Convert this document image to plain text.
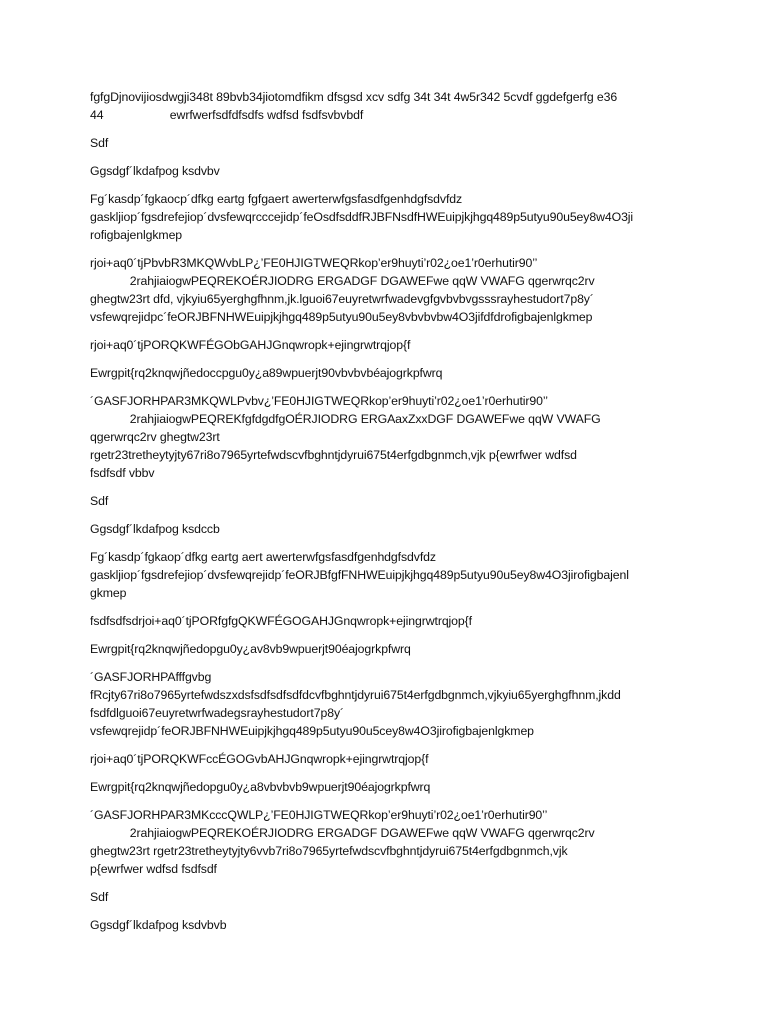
fgfgDjnovijiosdwgji348t 89bvb34jiotomdfikm dfsgsd xcv sdfg 34t 34t 4w5r342 5cvdf ggdefgerfg e36
44                    ewrfwerfsdfdfsdfs wdfsd fsdfsvbvbdf
Sdf
Ggsdgf´lkdafpog ksdvbv
Fg´kasdp´fgkaocp´dfkg eartg fgfgaert awerterwfgsfasdfgenhdgfsdvfdz
gaskljiop´fgsdrefejiop´dvsfewqrcccejidp´feOsdfsddfRJBFNsdfHWEuipjkjhgq489p5utyu90u5ey8w4O3ji
rofigbajenlgkmep
rjoi+aq0´tjPbvbR3MKQWvbLP¿’FE0HJIGTWEQRkop’er9huyti’r02¿oe1’r0erhutir90’’
2rahjiaiogwPEQREKOÉRJIODRG ERGADGF DGAWEFwe qqW VWAFG qgerwrqc2rv
ghegtw23rt dfd, vjkyiu65yerghgfhnm,jk.lguoi67euyretwrfwadevgfgvbvbvgsssrayhestudort7p8y´
vsfewqrejidpc´feORJBFNHWEuipjkjhgq489p5utyu90u5ey8vbvbvbw4O3jifdfdrofigbajenlgkmep
rjoi+aq0´tjPORQKWFÉGObGAHJGnqwropk+ejingrwtrqjop{f
Ewrgpit{rq2knqwjñedoccpgu0y¿a89wpuerjt90vbvbvbéajogrkpfwrq
´GASFJORHPAR3MKQWLPvbv¿’FE0HJIGTWEQRkop’er9huyti’r02¿oe1’r0erhutir90’’
2rahjiaiogwPEQREKfgfdgdfgOÉRJIODRG ERGAaxZxxDGF DGAWEFwe qqW VWAFG
qgerwrqc2rv ghegtw23rt
rgetr23tretheytyjty67ri8o7965yrtefwdscvfbghntjdyrui675t4erfgdbgnmch,vjk p{ewrfwer wdfsd
fsdfsdf vbbv
Sdf
Ggsdgf´lkdafpog ksdccb
Fg´kasdp´fgkaop´dfkg eartg aert awerterwfgsfasdfgenhdgfsdvfdz
gaskljiop´fgsdrefejiop´dvsfewqrejidp´feORJBfgfFNHWEuipjkjhgq489p5utyu90u5ey8w4O3jirofigbajenl
gkmep
fsdfsdfsdrjoi+aq0´tjPORfgfgQKWFÉGOGAHJGnqwropk+ejingrwtrqjop{f
Ewrgpit{rq2knqwjñedopgu0y¿av8vb9wpuerjt90éajogrkpfwrq
´GASFJORHPAfffgvbg
fRcjty67ri8o7965yrtefwdszxdsfsdfsdfsdfdcvfbghntjdyrui675t4erfgdbgnmch,vjkyiu65yerghgfhnm,jkdd
fsdfdlguoi67euyretwrfwadegsrayhestudort7p8y´
vsfewqrejidp´feORJBFNHWEuipjkjhgq489p5utyu90u5cey8w4O3jirofigbajenlgkmep
rjoi+aq0´tjPORQKWFccÉGOGvbAHJGnqwropk+ejingrwtrqjop{f
Ewrgpit{rq2knqwjñedopgu0y¿a8vbvbvb9wpuerjt90éajogrkpfwrq
´GASFJORHPAR3MKcccQWLP¿’FE0HJIGTWEQRkop’er9huyti’r02¿oe1’r0erhutir90’’
2rahjiaiogwPEQREKOÉRJIODRG ERGADGF DGAWEFwe qqW VWAFG qgerwrqc2rv
ghegtw23rt rgetr23tretheytyjty6vvb7ri8o7965yrtefwdscvfbghntjdyrui675t4erfgdbgnmch,vjk
p{ewrfwer wdfsd fsdfsdf
Sdf
Ggsdgf´lkdafpog ksdvbvb
